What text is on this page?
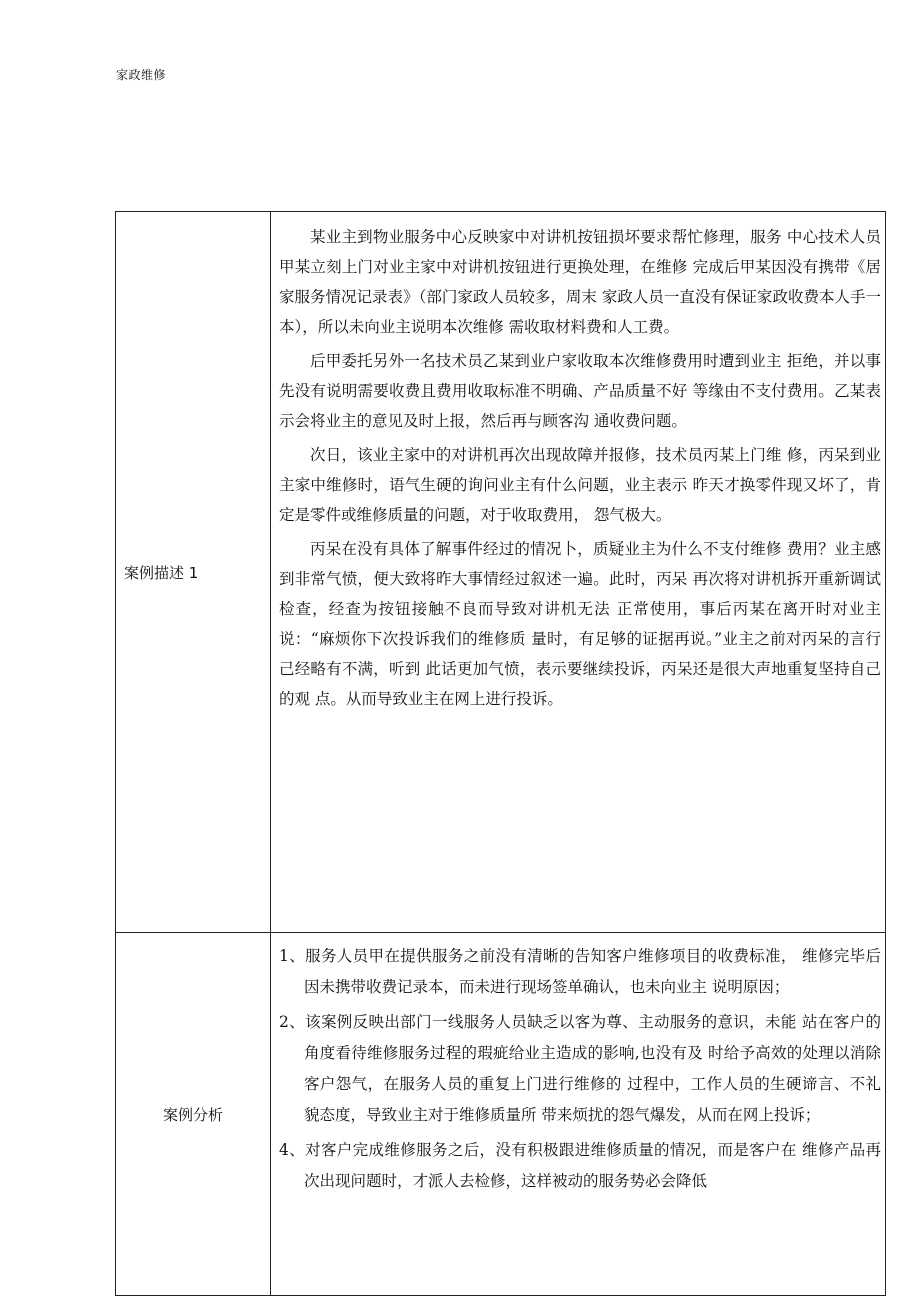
家政维修
案例描述 1	某业主到物业服务中心反映家中对讲机按钮损坏要求帮忙修理，服务 中心技术人员甲某立刻上门对业主家中对讲机按钮进行更换处理，在维修 完成后甲某因没有携带《居家服务情况记录表》（部门家政人员较多，周末 家政人员一直没有保证家政收费本人手一本），所以未向业主说明本次维修 需收取材料费和人工费。

后甲委托另外一名技术员乙某到业户家收取本次维修费用时遭到业主 拒绝，并以事先没有说明需要收费且费用收取标准不明确、产品质量不好 等缘由不支付费用。乙某表示会将业主的意见及时上报，然后再与顾客沟 通收费问题。

次日，该业主家中的对讲机再次出现故障并报修，技术员丙某上门维 修，丙呆到业主家中维修时，语气生硬的询问业主有什么问题，业主表示 昨天才换零件现又坏了，肯定是零件或维修质量的问题，对于收取费用， 怨气极大。

丙呆在没有具体了解事件经过的情况卜，质疑业主为什么不支付维修 费用？业主感到非常气愤，便大致将昨大事情经过叙述一遍。此时，丙呆 再次将对讲机拆开重新调试检查，经查为按钮接触不良而导致对讲机无法 正常使用，事后丙某在离开时对业主说：“麻烦你下次投诉我们的维修质 量时，有足够的证据再说。”业主之前对丙呆的言行己经略有不满，听到 此话更加气愤，表示要继续投诉，丙呆还是很大声地重复坚持自己的观 点。从而导致业主在网上进行投诉。

案例分析	1、服务人员甲在提供服务之前没有清晰的告知客户维修项目的收费标准， 维修完毕后因未携带收费记录本，而未进行现场签单确认，也未向业主 说明原因；

2、该案例反映出部门一线服务人员缺乏以客为尊、主动服务的意识，未能 站在客户的角度看待维修服务过程的瑕疵给业主造成的影响,也没有及 时给予高效的处理以消除客户怨气，在服务人员的重复上门进行维修的 过程中，工作人员的生硬谛言、不礼貌态度，导致业主对于维修质量所 带来烦扰的怨气爆发，从而在网上投诉；

4、对客户完成维修服务之后，没有积极跟进维修质量的情况，而是客户在 维修产品再次出现问题时，才派人去检修，这样被动的服务势必会降低
